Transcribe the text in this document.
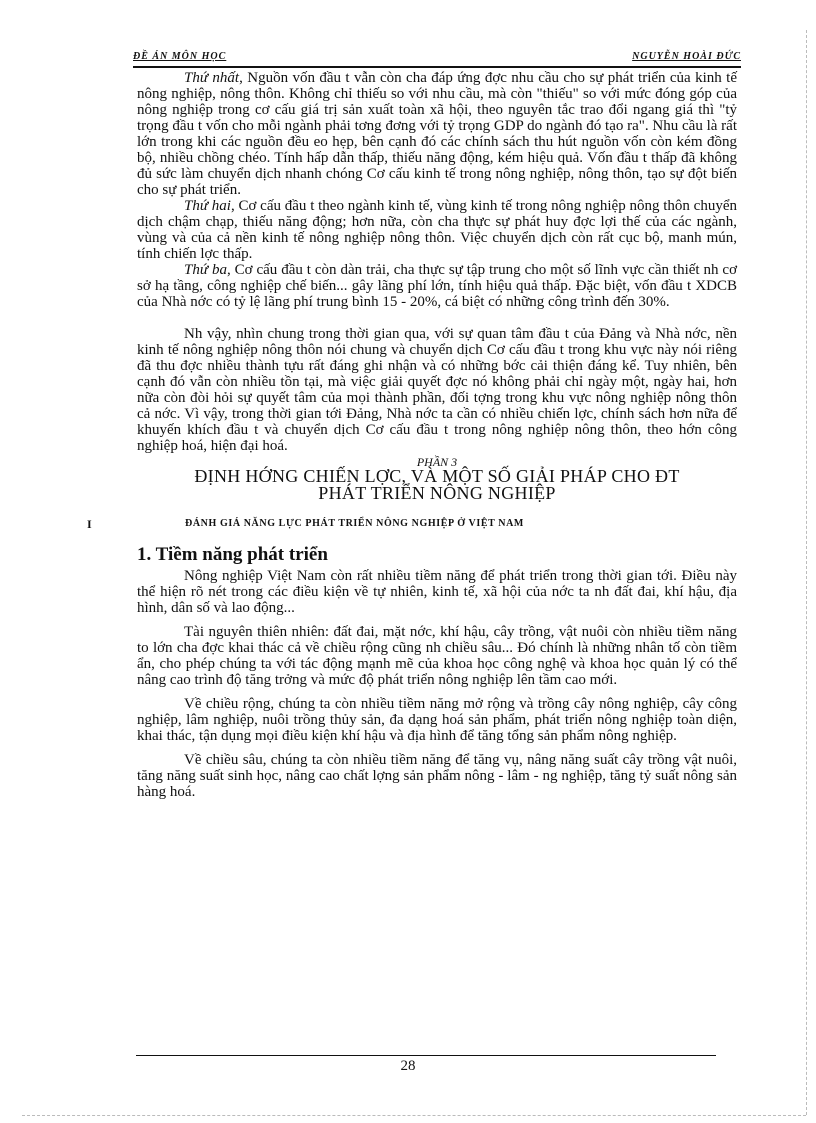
ĐỀ ÁN MÔN HỌC	NGUYỄN HOÀI ĐỨC

Thứ nhất, Nguồn vốn đầu t vẫn còn cha đáp ứng đợc nhu cầu cho sự phát triển của kinh tế nông nghiệp, nông thôn. Không chỉ thiếu so với nhu cầu, mà còn "thiếu" so với mức đóng góp của nông nghiệp trong cơ cấu giá trị sản xuất toàn xã hội, theo nguyên tắc trao đổi ngang giá thì "tỷ trọng đầu t vốn cho mỗi ngành phải tơng đơng với tỷ trọng GDP do ngành đó tạo ra". Nhu cầu là rất lớn trong khi các nguồn đều eo hẹp, bên cạnh đó các chính sách thu hút nguồn vốn còn kém đồng bộ, nhiều chồng chéo. Tính hấp dẫn thấp, thiếu năng động, kém hiệu quả. Vốn đầu t thấp đã không đủ sức làm chuyển dịch nhanh chóng Cơ cấu kinh tế trong nông nghiệp, nông thôn, tạo sự đột biến cho sự phát triển.

Thứ hai, Cơ cấu đầu t theo ngành kinh tế, vùng kinh tế trong nông nghiệp nông thôn chuyển dịch chậm chạp, thiếu năng động; hơn nữa, còn cha thực sự phát huy đợc lợi thế của các ngành, vùng và của cả nền kinh tế nông nghiệp nông thôn. Việc chuyển dịch còn rất cục bộ, manh mún, tính chiến lợc thấp.

Thứ ba, Cơ cấu đầu t còn dàn trải, cha thực sự tập trung cho một số lĩnh vực cần thiết nh cơ sở hạ tầng, công nghiệp chế biến... gây lãng phí lớn, tính hiệu quả thấp. Đặc biệt, vốn đầu t XDCB của Nhà nớc có tỷ lệ lãng phí trung bình 15 - 20%, cá biệt có những công trình đến 30%.

Nh vậy, nhìn chung trong thời gian qua, với sự quan tâm đầu t của Đảng và Nhà nớc, nền kinh tế nông nghiệp nông thôn nói chung và chuyển dịch Cơ cấu đầu t trong khu vực này nói riêng đã thu đợc nhiều thành tựu rất đáng ghi nhận và có những bớc cải thiện đáng kể. Tuy nhiên, bên cạnh đó vẫn còn nhiều tồn tại, mà việc giải quyết đợc nó không phải chỉ ngày một, ngày hai, hơn nữa còn đòi hỏi sự quyết tâm của mọi thành phần, đối tợng trong khu vực nông nghiệp nông thôn cả nớc. Vì vậy, trong thời gian tới Đảng, Nhà nớc ta cần có nhiều chiến lợc, chính sách hơn nữa để khuyến khích đầu t và chuyển dịch Cơ cấu đầu t trong nông nghiệp nông thôn, theo hớn công nghiệp hoá, hiện đại hoá.

PHẦN 3

ĐỊNH HỚNG CHIẾN LỢC, VÀ MỘT SỐ GIẢI PHÁP CHO ĐT

PHÁT TRIỂN NÔNG NGHIỆP

I	ĐÁNH GIÁ NĂNG LỰC PHÁT TRIỂN NÔNG NGHIỆP Ở VIỆT NAM
1. Tiềm năng phát triển

Nông nghiệp Việt Nam còn rất nhiều tiềm năng để phát triển trong thời gian tới. Điều này thể hiện rõ nét trong các điều kiện về tự nhiên, kinh tế, xã hội của nớc ta nh đất đai, khí hậu, địa hình, dân số và lao động...

Tài nguyên thiên nhiên: đất đai, mặt nớc, khí hậu, cây trồng, vật nuôi còn nhiều tiềm năng to lớn cha đợc khai thác cả về chiều rộng cũng nh chiều sâu... Đó chính là những nhân tố còn tiềm ẩn, cho phép chúng ta với tác động mạnh mẽ của khoa học công nghệ và khoa học quản lý có thể nâng cao trình độ tăng trởng và mức độ phát triển nông nghiệp lên tầm cao mới.

Về chiều rộng, chúng ta còn nhiều tiềm năng mở rộng và trồng cây nông nghiệp, cây công nghiệp, lâm nghiệp, nuôi trồng thủy sản, đa dạng hoá sản phẩm, phát triển nông nghiệp toàn diện, khai thác, tận dụng mọi điều kiện khí hậu và địa hình để tăng tổng sản phẩm nông nghiệp.

Về chiều sâu, chúng ta còn nhiều tiềm năng để tăng vụ, nâng năng suất cây trồng vật nuôi, tăng năng suất sinh học, nâng cao chất lợng sản phẩm nông - lâm - ng nghiệp, tăng tỷ suất nông sản hàng hoá.

28
